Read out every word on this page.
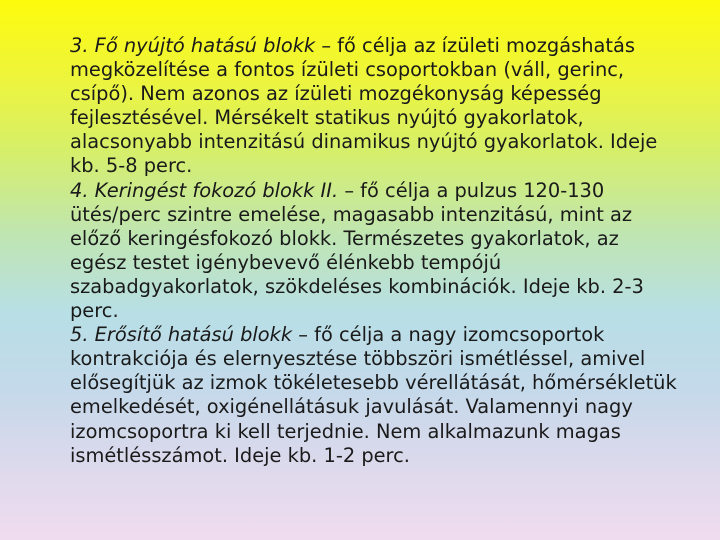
3. Fő nyújtó hatású blokk – fő célja az ízületi mozgáshatás megközelítése a fontos ízületi csoportokban (váll, gerinc, csípő). Nem azonos az ízületi mozgékonyság képesség fejlesztésével. Mérsékelt statikus nyújtó gyakorlatok, alacsonyabb intenzitású dinamikus nyújtó gyakorlatok. Ideje kb. 5-8 perc.

4. Keringést fokozó blokk II. – fő célja a pulzus 120-130 ütés/perc szintre emelése, magasabb intenzitású, mint az előző keringésfokozó blokk. Természetes gyakorlatok, az egész testet igénybevevő élénkebb tempójú szabadgyakorlatok, szökdeléses kombinációk. Ideje kb. 2-3 perc.

5. Erősítő hatású blokk – fő célja a nagy izomcsoportok kontrakciója és elernyesztése többszöri ismétléssel, amivel elősegítjük az izmok tökéletesebb vérellátását, hőmérsékletük emelkedését, oxigénellátásuk javulását. Valamennyi nagy izomcsoportra ki kell terjednie. Nem alkalmazunk magas ismétlésszámot. Ideje kb. 1-2 perc.
